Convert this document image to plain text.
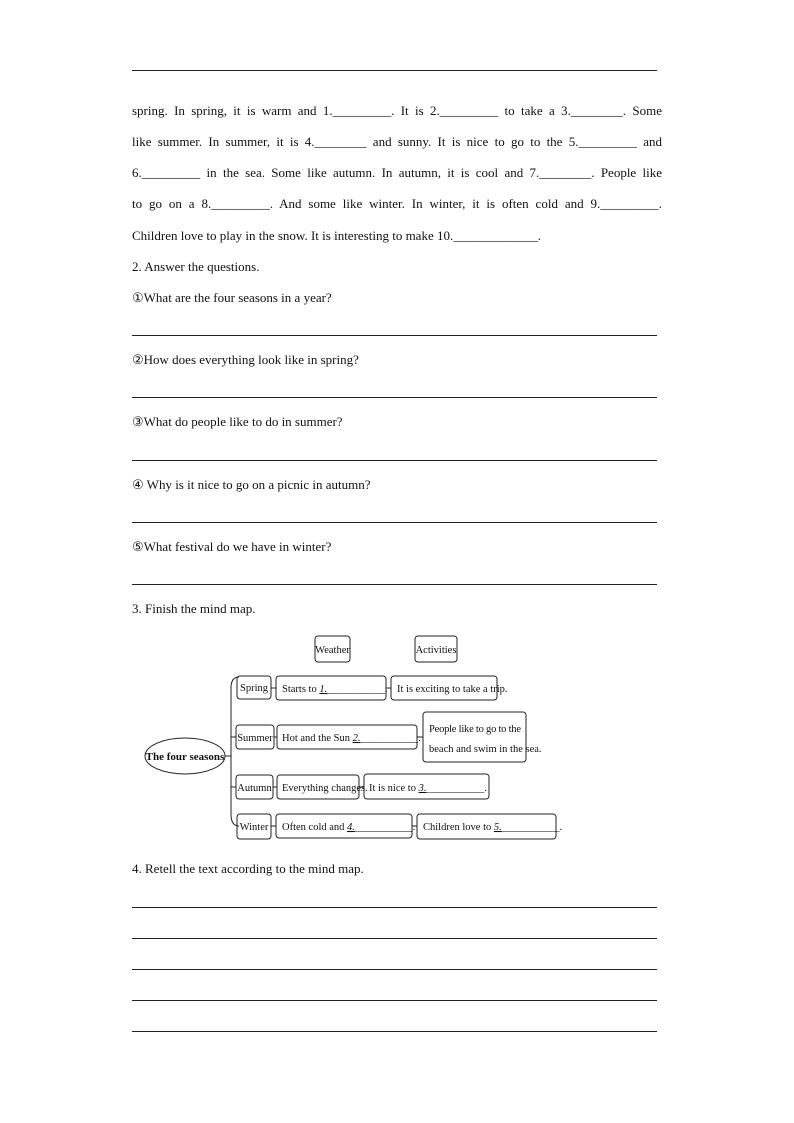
spring. In spring, it is warm and 1._________. It is 2._________ to take a 3.________. Some
like summer. In summer, it is 4.________ and sunny. It is nice to go to the 5._________ and
6._________ in the sea. Some like autumn. In autumn, it is cool and 7.________. People like
to go on a 8._________. And some like winter. In winter, it is often cold and 9._________.
Children love to play in the snow. It is interesting to make 10._____________.
2. Answer the questions.
①What are the four seasons in a year?
②How does everything look like in spring?
③What do people like to do in summer?
④ Why is it nice to go on a picnic in autumn?
⑤What festival do we have in winter?
3. Finish the mind map.
Weather	Activities
The four seasons
Spring
Summer
Autumn
Winter
Starts to 1.___________.
Hot and the Sun 2.___________.
Everything changes.
Often cold and 4.___________.
It is exciting to take a trip.
People like to go to the
beach and swim in the sea.
It is nice to 3.___________.
Children love to 5.___________.
4. Retell the text according to the mind map.
